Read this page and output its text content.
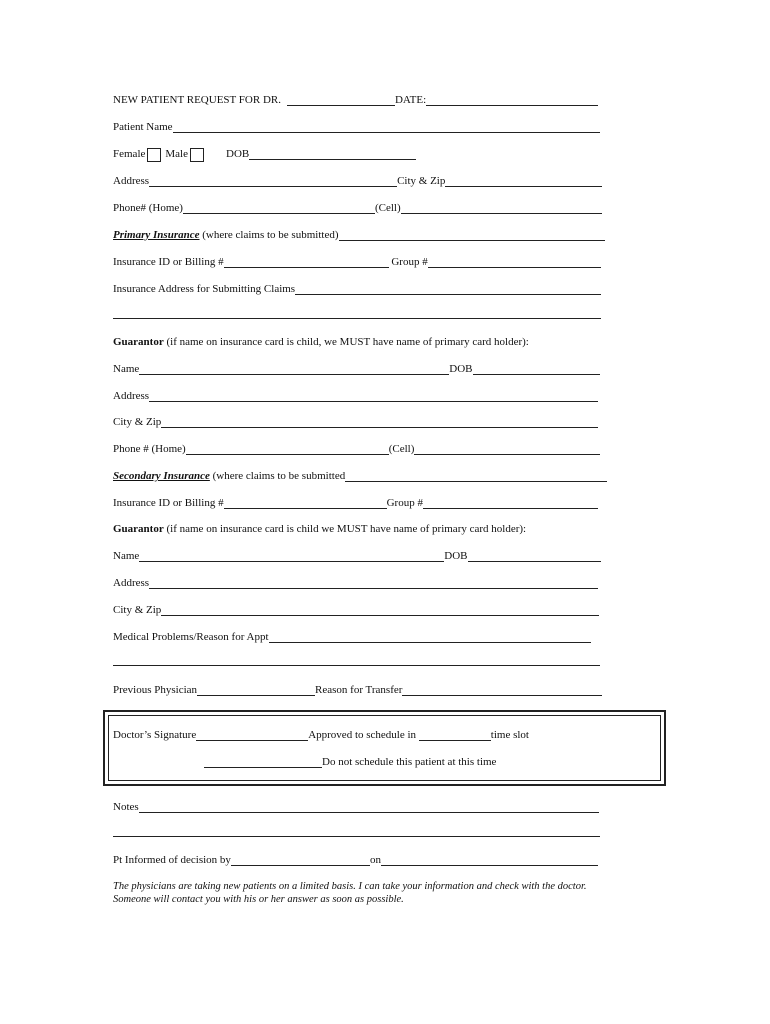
NEW PATIENT REQUEST FOR DR.	DATE:
Patient Name
Female Male	DOB
Address	City & Zip
Phone# (Home)	(Cell)
Primary Insurance (where claims to be submitted)
Insurance ID or Billing #	Group #
Insurance Address for Submitting Claims
Guarantor (if name on insurance card is child, we MUST have name of primary card holder):
Name	DOB
Address
City & Zip
Phone # (Home)	(Cell)
Secondary Insurance (where claims to be submitted
Insurance ID or Billing #	Group #
Guarantor (if name on insurance card is child we MUST have name of primary card holder):
Name	DOB
Address
City & Zip
Medical Problems/Reason for Appt
Previous Physician	Reason for Transfer
Doctor’s Signature	Approved to schedule in	time slot
Do not schedule this patient at this time
Notes
Pt Informed of decision by	on

The physicians are taking new patients on a limited basis. I can take your information and check with the doctor.

Someone will contact you with his or her answer as soon as possible.
